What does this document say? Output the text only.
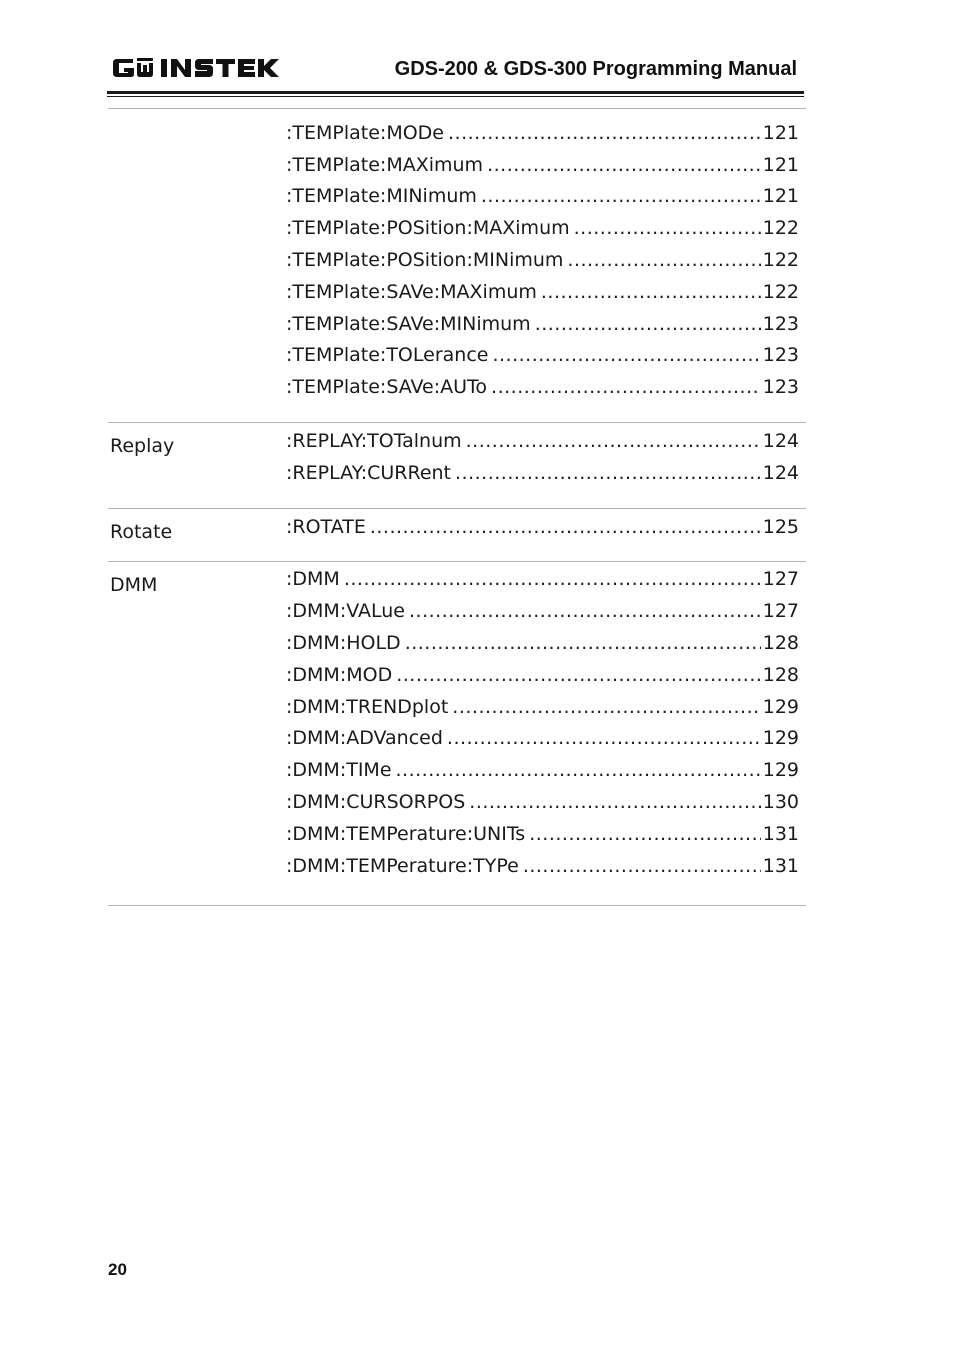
GDS-200 & GDS-300 Programming Manual
:TEMPlate:MODe .....	121
:TEMPlate:MAXimum .....	121
:TEMPlate:MINimum .....	121
:TEMPlate:POSition:MAXimum .....	122
:TEMPlate:POSition:MINimum .....	122
:TEMPlate:SAVe:MAXimum .....	122
:TEMPlate:SAVe:MINimum .....	123
:TEMPlate:TOLerance .....	123
:TEMPlate:SAVe:AUTo .....	123
Replay	:REPLAY:TOTalnum .....	124
:REPLAY:CURRent .....	124
Rotate	:ROTATE .....	125
DMM	:DMM .....	127
:DMM:VALue .....	127
:DMM:HOLD .....	128
:DMM:MOD .....	128
:DMM:TRENDplot .....	129
:DMM:ADVanced .....	129
:DMM:TIMe .....	129
:DMM:CURSORPOS .....	130
:DMM:TEMPerature:UNITs .....	131
:DMM:TEMPerature:TYPe .....	131
20
